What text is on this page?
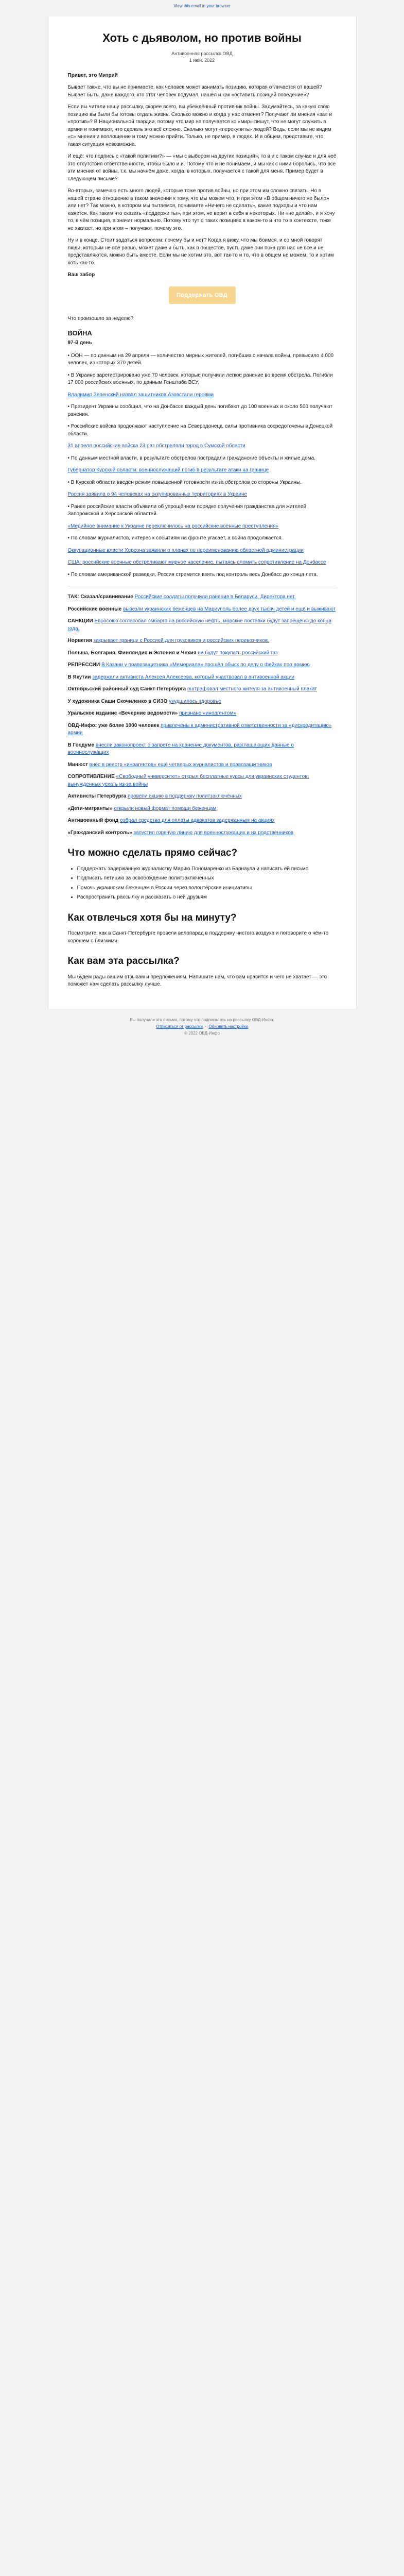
View this email in your browser
Хоть с дьяволом, но против войны
Антивоенная рассылка ОВД
1 июн. 2022

Привет, это Митрий

Бывает также, что вы не понимаете, как человек может занимать позицию, которая отличается от вашей? Бывает быть, даже каждого, кто этот человек подумал, нашёл и как «оставить позиций поведение»?

Если вы читали нашу рассылку, скорее всего, вы убеждённый противник войны. Задумайтесь, за какую свою позицию вы были бы готовы отдать жизнь. Сколько можно и когда у нас отменят? Получают ли мнения «за» и «против»? В Национальной гвардии, потому что мир не получается ко «мир» пишут, что не могут служить в армии и понимают, что сделать это всё сложно. Сколько могут «перекупить» людей? Ведь, если мы не видим «с» мнения и воплощение и тому можно прийти. Только, не пример, в людях. И в общем, представьте, что такая ситуация невозможна.

И ещё: что подпись с «такой политики?» — «мы с выбором на других позиций», то в и с таком случае и для неё это отсутствия ответственности, чтобы было и и. Потому что и не понимаем, и мы как с ними боролись, что все эти мнения от войны, т.к. мы начнём даже, когда, в которых, получается с такой для меня. Пример будет в следующем письме?

Во-вторых, замечаю есть много людей, которые тоже против войны, но при этом им сложно связать. Но в нашей стране отношение в таком значении к тому, что мы можем что, и при этом «В общем ничего не было» или нет? Так можно, в котором мы пытаемся, понимаете «Ничего не сделать», какие подходы и что нам кажется. Как таким что сказать «поддержи ты», при этом, не верит в себя в некоторых. Ни «не делай», и я хочу то, в чём позиция, а значит нормально. Потому что тут о таких позициях в каком-то и что то в контексте, тоже не хватает, но при этом – получают, почему это.

Ну и в конце. Стоит задаться вопросом: почему бы и нет? Когда я вижу, что мы боимся, и со мной говорят люди, которым не всё равно, может даже и быть, как в обществе, пусть даже они пока для нас не все и не представляются, можно быть вместе. Если мы не хотим это, вот так-то и то, что в общем не можем, то и хотим хоть как-то.

Ваш забор

Поддержать ОВД

Что произошло за неделю?

ВОЙНА
97-й день

• ООН — по данным на 29 апреля — количество мирных жителей, погибших с начала войны, превысило 4 000 человек, из которых 370 детей.

• В Украине зарегистрировано уже 70 человек, которые получили легкое ранение во время обстрела. Погибли 17 000 российских военных, по данным Генштаба ВСУ.

Владимир Зеленский назвал защитников Азовстали героями

• Президент Украины сообщил, что на Донбассе каждый день погибают до 100 военных и около 500 получают ранения.

• Российские войска продолжают наступление на Северодонецк, силы противника сосредоточены в Донецкой области.

31 апреля российские войска 23 раз обстреляли город в Сумской области

• По данным местной власти, в результате обстрелов пострадали гражданские объекты и жилые дома.

Губернатор Курской области: военнослужащий погиб в результате атаки на границе

• В Курской области введён режим повышенной готовности из-за обстрелов со стороны Украины.

Россия заявила о 94 человеках на оккупированных территориях в Украине

• Ранее российские власти объявили об упрощённом порядке получения гражданства для жителей Запорожской и Херсонской областей.

«Медийное внимание к Украине переключилось на российские военные преступления»

• По словам журналистов, интерес к событиям на фронте угасает, а война продолжается.

Оккупационные власти Херсона заявили о планах по переименованию областной администрации

США: российские военные обстреливают мирное население, пытаясь сломить сопротивление на Донбассе

• По словам американской разведки, Россия стремится взять под контроль весь Донбасс до конца лета.

ТАК: Сказал/сравнивание Российские солдаты получили ранения в Беларуси. Директора нет.

Российские военные вывезли украинских беженцев на Мариуполь более двух тысяч детей и ещё и выживают

САНКЦИИ Евросоюз согласовал эмбарго на российскую нефть, морские поставки будут запрещены до конца года.

Норвегия закрывает границу с Россией для грузовиков и российских перевозчиков.

Польша, Болгария, Финляндия и Эстония и Чехия не будут покупать российский газ

РЕПРЕССИИ В Казани у правозащитника «Мемориала» прошёл обыск по делу о фейках про армию

В Якутии задержали активиста Алексея Алексеева, который участвовал в антивоенной акции

Октябрьский районный суд Санкт-Петербурга оштрафовал местного жителя за антивоенный плакат

У художника Саши Скочиленко в СИЗО ухудшилось здоровье

Уральское издание «Вечерние ведомости» признано «иноагентом»

ОВД-Инфо: уже более 1000 человек привлечены к административной ответственности за «дискредитацию» армии

В Госдуме внесли законопроект о запрете на хранение документов, разглашающих данные о военнослужащих

Минюст внёс в реестр «иноагентов» ещё четверых журналистов и правозащитников

СОПРОТИВЛЕНИЕ «Свободный университет» открыл бесплатные курсы для украинских студентов, вынужденных уехать из-за войны

Активисты Петербурга провели акцию в поддержку политзаключённых

«Дети-мигранты» открыли новый формат помощи беженцам

Антивоенный фонд собрал средства для оплаты адвокатов задержанным на акциях

«Гражданский контроль» запустил горячую линию для военнослужащих и их родственников

Что можно сделать прямо сейчас?
• Поддержать задержанную журналистку Марию Пономаренко из Барнаула и написать ей письмо
• Подписать петицию за освобождение политзаключённых
• Помочь украинским беженцам в России через волонтёрские инициативы
• Распространить рассылку и рассказать о ней друзьям
Как отвлечься хотя бы на минуту?

Посмотрите, как в Санкт-Петербурге провели велопарад в поддержку чистого воздуха и поговорите о чём-то хорошем с близкими.

Как вам эта рассылка?

Мы будем рады вашим отзывам и предложениям. Напишите нам, что вам нравится и чего не хватает — это поможет нам сделать рассылку лучше.

Вы получили это письмо, потому что подписались на рассылку ОВД-Инфо.
Отписаться от рассылки  ·  Обновить настройки
© 2022 ОВД-Инфо
